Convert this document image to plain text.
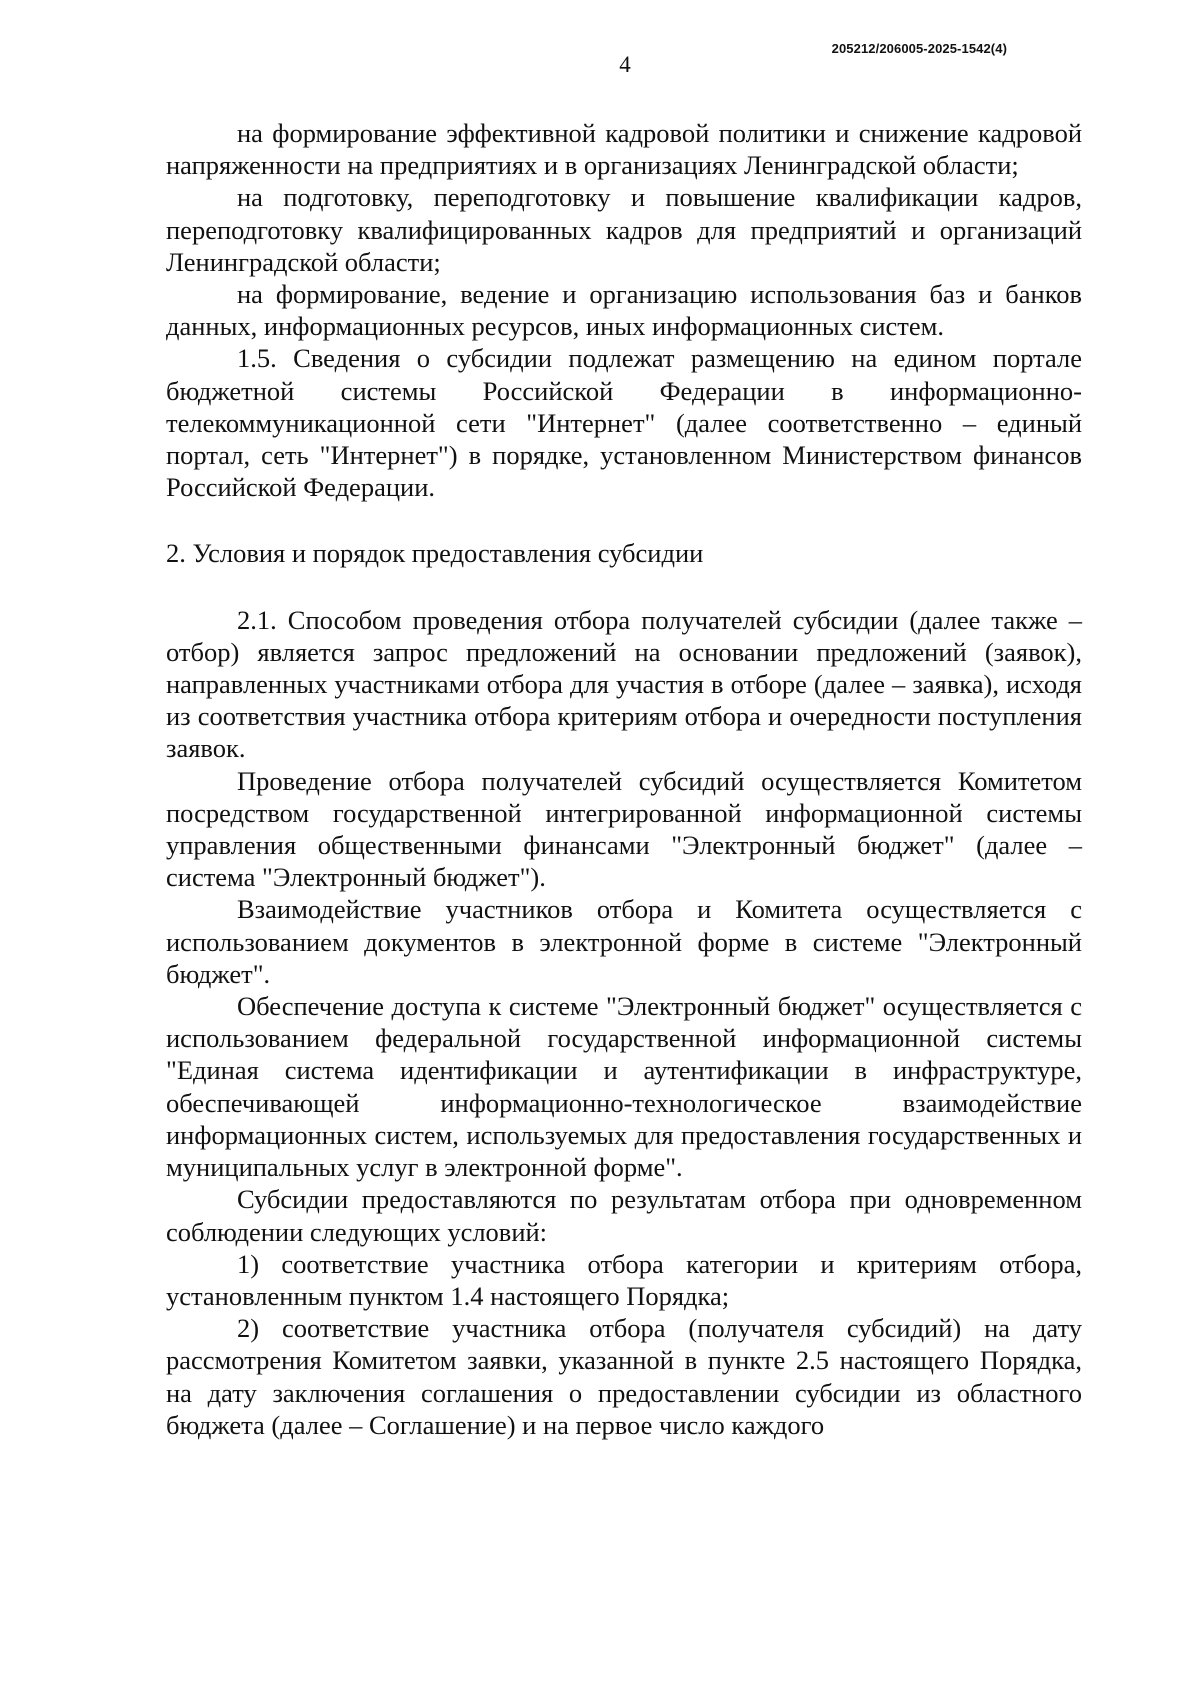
4
205212/206005-2025-1542(4)

на формирование эффективной кадровой политики и снижение кадровой напряженности на предприятиях и в организациях Ленинградской области;

на подготовку, переподготовку и повышение квалификации кадров, переподготовку квалифицированных кадров для предприятий и организаций Ленинградской области;

на формирование, ведение и организацию использования баз и банков данных, информационных ресурсов, иных информационных систем.

1.5. Сведения о субсидии подлежат размещению на едином портале бюджетной системы Российской Федерации в информационно-телекоммуникационной сети "Интернет" (далее соответственно – единый портал, сеть "Интернет") в порядке, установленном Министерством финансов Российской Федерации.

2. Условия и порядок предоставления субсидии

2.1. Способом проведения отбора получателей субсидии (далее также – отбор) является запрос предложений на основании предложений (заявок), направленных участниками отбора для участия в отборе (далее – заявка), исходя из соответствия участника отбора критериям отбора и очередности поступления заявок.

Проведение отбора получателей субсидий осуществляется Комитетом посредством государственной интегрированной информационной системы управления общественными финансами "Электронный бюджет" (далее – система "Электронный бюджет").

Взаимодействие участников отбора и Комитета осуществляется с использованием документов в электронной форме в системе "Электронный бюджет".

Обеспечение доступа к системе "Электронный бюджет" осуществляется с использованием федеральной государственной информационной системы "Единая система идентификации и аутентификации в инфраструктуре, обеспечивающей информационно-технологическое взаимодействие информационных систем, используемых для предоставления государственных и муниципальных услуг в электронной форме".

Субсидии предоставляются по результатам отбора при одновременном соблюдении следующих условий:

1) соответствие участника отбора категории и критериям отбора, установленным пунктом 1.4 настоящего Порядка;

2) соответствие участника отбора (получателя субсидий) на дату рассмотрения Комитетом заявки, указанной в пункте 2.5 настоящего Порядка, на дату заключения соглашения о предоставлении субсидии из областного бюджета (далее – Соглашение) и на первое число каждого
